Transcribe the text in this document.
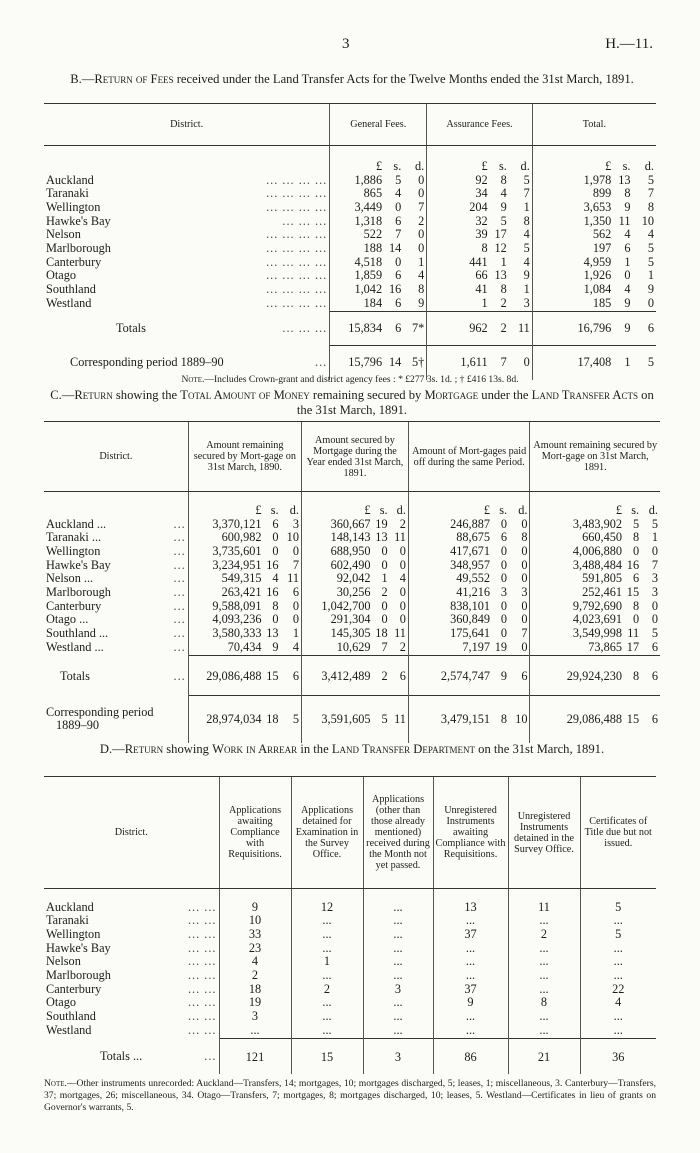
3	H.—11.
B.—Return of Fees received under the Land Transfer Acts for the Twelve Months ended the 31st March, 1891.
District.	General Fees.			Assurance Fees.			Total.		
	£	s.	d.	£	s.	d.	£	s.	d.
Auckland ... ... ... ...	1,886	5	0	92	8	5	1,978	13	5
Taranaki ... ... ... ...	865	4	0	34	4	7	899	8	7
Wellington ... ... ... ...	3,449	0	7	204	9	1	3,653	9	8
Hawke's Bay ... ... ...	1,318	6	2	32	5	8	1,350	11	10
Nelson ... ... ... ...	522	7	0	39	17	4	562	4	4
Marlborough ... ... ... ...	188	14	0	8	12	5	197	6	5
Canterbury ... ... ... ...	4,518	0	1	441	1	4	4,959	1	5
Otago ... ... ... ...	1,859	6	4	66	13	9	1,926	0	1
Southland ... ... ... ...	1,042	16	8	41	8	1	1,084	4	9
Westland ... ... ... ...	184	6	9	1	2	3	185	9	0
Totals ... ... ...	15,834	6	7*	962	2	11	16,796	9	6
Corresponding period 1889–90 ...	15,796	14	5†	1,611	7	0	17,408	1	5
Note.—Includes Crown-grant and district agency fees : * £277 3s. 1d. ; † £416 13s. 8d.
C.—Return showing the Total Amount of Money remaining secured by Mortgage under the Land Transfer Acts on the 31st March, 1891.
District.	Amount remaining secured by Mort-gage on 31st March, 1890.			Amount secured by Mortgage during the Year ended 31st March, 1891.			Amount of Mort-gages paid off during the same Period.			Amount remaining secured by Mort-gage on 31st March, 1891.		
	£	s.	d.	£	s.	d.	£	s.	d.	£	s.	d.
Auckland ... ...	3,370,121	6	3	360,667	19	2	246,887	0	0	3,483,902	5	5
Taranaki ... ...	600,982	0	10	148,143	13	11	88,675	6	8	660,450	8	1
Wellington ...	3,735,601	0	0	688,950	0	0	417,671	0	0	4,006,880	0	0
Hawke's Bay ...	3,234,951	16	7	602,490	0	0	348,957	0	0	3,488,484	16	7
Nelson ... ...	549,315	4	11	92,042	1	4	49,552	0	0	591,805	6	3
Marlborough ...	263,421	16	6	30,256	2	0	41,216	3	3	252,461	15	3
Canterbury ...	9,588,091	8	0	1,042,700	0	0	838,101	0	0	9,792,690	8	0
Otago ... ...	4,093,236	0	0	291,304	0	0	360,849	0	0	4,023,691	0	0
Southland ... ...	3,580,333	13	1	145,305	18	11	175,641	0	7	3,549,998	11	5
Westland ... ...	70,434	9	4	10,629	7	2	7,197	19	0	73,865	17	6
Totals ...	29,086,488	15	6	3,412,489	2	6	2,574,747	9	6	29,924,230	8	6

Corresponding period
1889–90	28,974,034	18	5	3,591,605	5	11	3,479,151	8	10	29,086,488	15	6
D.—Return showing Work in Arrear in the Land Transfer Department on the 31st March, 1891.
District.	Applications awaiting Compliance with Requisitions.	Applications detained for Examination in the Survey Office.	Applications (other than those already mentioned) received during the Month not yet passed.	Unregistered Instruments awaiting Compliance with Requisitions.	Unregistered Instruments detained in the Survey Office.	Certificates of Title due but not issued.

Auckland ... ...	9	12	...	13	11	5
Taranaki ... ...	10	...	...	...	...	...
Wellington ... ...	33	...	...	37	2	5
Hawke's Bay ... ...	23	...	...	...	...	...
Nelson ... ...	4	1	...	...	...	...
Marlborough ... ...	2	...	...	...	...	...
Canterbury ... ...	18	2	3	37	...	22
Otago ... ...	19	...	...	9	8	4
Southland ... ...	3	...	...	...	...	...
Westland ... ...	...	...	...	...	...	...
Totals ... ...	121	15	3	86	21	36
Note.—Other instruments unrecorded: Auckland—Transfers, 14; mortgages, 10; mortgages discharged, 5; leases, 1; miscellaneous, 3. Canterbury—Transfers, 37; mortgages, 26; miscellaneous, 34. Otago—Transfers, 7; mortgages, 8; mortgages discharged, 10; leases, 5. Westland—Certificates in lieu of grants on Governor's warrants, 5.
